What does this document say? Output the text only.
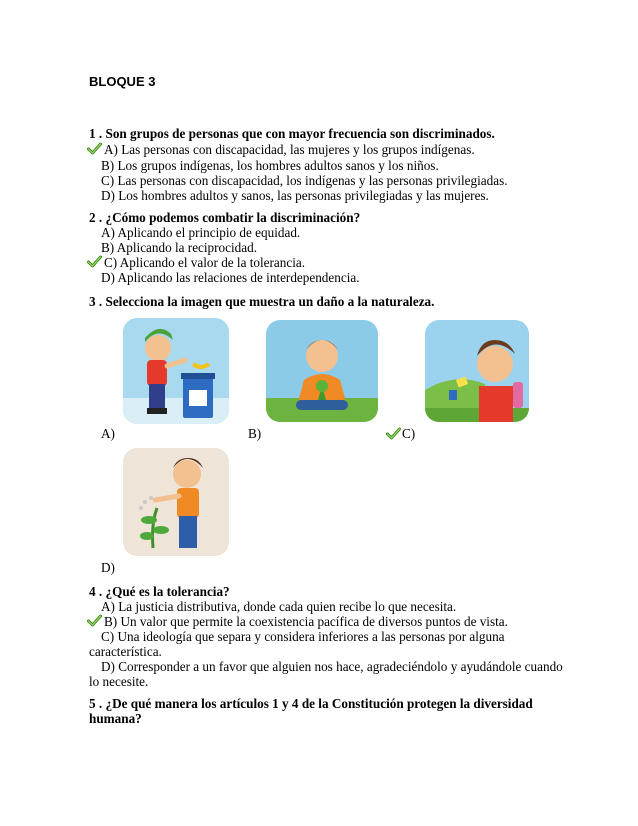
BLOQUE 3
1 . Son grupos de personas que con mayor frecuencia son discriminados.
A) Las personas con discapacidad, las mujeres y los grupos indígenas.
B) Los grupos indígenas, los hombres adultos sanos y los niños.
C) Las personas con discapacidad, los indígenas y las personas privilegiadas.
D) Los hombres adultos y sanos, las personas privilegiadas y las mujeres.
2 . ¿Cómo podemos combatir la discriminación?
A) Aplicando el principio de equidad.
B) Aplicando la reciprocidad.
C) Aplicando el valor de la tolerancia.
D) Aplicando las relaciones de interdependencia.
3 . Selecciona la imagen que muestra un daño a la naturaleza.
A)	B)	C)
D)
4 . ¿Qué es la tolerancia?
A) La justicia distributiva, donde cada quien recibe lo que necesita.
B) Un valor que permite la coexistencia pacífica de diversos puntos de vista.
C) Una ideología que separa y considera inferiores a las personas por alguna
característica.
D) Corresponder a un favor que alguien nos hace, agradeciéndolo y ayudándole cuando
lo necesite.
5 . ¿De qué manera los artículos 1 y 4 de la Constitución protegen la diversidad
humana?
